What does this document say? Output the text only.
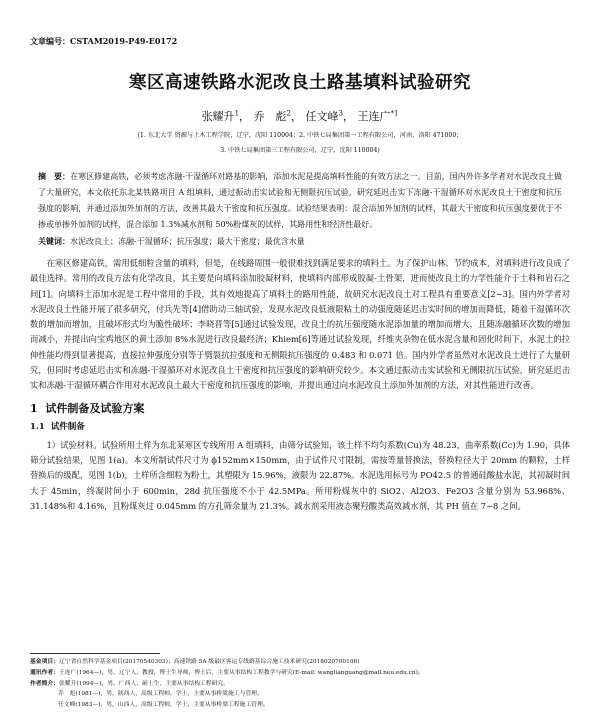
文章编号：CSTAM2019-P49-E0172
寒区高速铁路水泥改良土路基填料试验研究
张耀升$^1$， 乔　彪$^2$， 任文峰$^3$， 王连广$^{*1}$
(1. 东北大学 资源与土木工程学院，辽宁，沈阳 110004；2. 中铁七局集团第一工程有限公司，河南，洛阳 471000；
3. 中铁七局集团第三工程有限公司，辽宁，沈阳 110004)
摘　要：在寒区修建高铁，必须考虑冻融-干湿循环对路基的影响，添加水泥是提高填料性能的有效方法之一。目前，国内外许多学者对水泥改良土做了大量研究，本文依托东北某铁路项目 A 组填料，通过振动击实试验和无侧限抗压试验，研究延迟击实下冻融-干湿循环对水泥改良土干密度和抗压强度的影响，并通过添加外加剂的方法，改善其最大干密度和抗压强度。试验结果表明：混合添加外加剂的试样，其最大干密度和抗压强度要优于不掺或单掺外加剂的试样，混合添加 1.3%减水剂和 50%粉煤灰的试样，其路用性和经济性最好。
关键词：水泥改良土；冻融-干湿循环；抗压强度；最大干密度；最优含水量

在寒区修建高铁，需用低细粒含量的填料，但是，在线路周围一般很难找到满足要求的填料土。为了保护山林、节约成本，对填料进行改良成了最佳选择。常用的改良方法有化学改良，其主要是向填料添加胶凝材料，使填料内部形成胶凝-土骨架，进而使改良土的力学性能介于土料和岩石之间[1]。向填料土添加水泥是工程中常用的手段，其有效地提高了填料土的路用性能，故研究水泥改良土对工程具有重要意义[2~3]。国内外学者对水泥改良土性能开展了很多研究，付兵先等[4]借助动三轴试验，发现水泥改良低液限粘土的动强度随延迟击实时间的增加而降低，随着干湿循环次数的增加而增加，且破坏形式均为脆性破坏；李晓晋等[5]通过试验发现，改良土的抗压强度随水泥添加量的增加而增大，且随冻融循环次数的增加而减小，并提出向宝鸡地区的黄土添加 8%水泥进行改良最经济；Khiem[6]等通过试验发现，纤维夹杂物在低水泥含量和固化时间下，水泥土的拉伸性能均得到显著提高，直接拉伸强度分别等于劈裂抗拉强度和无侧限抗压强度的 0.483 和 0.071 倍。国内外学者虽然对水泥改良土进行了大量研究，但同时考虑延迟击实和冻融-干湿循环对水泥改良土干密度和抗压强度的影响研究较少。本文通过振动击实试验和无侧限抗压试验，研究延迟击实和冻融-干湿循环耦合作用对水泥改良土最大干密度和抗压强度的影响，并提出通过向水泥改良土添加外加剂的方法，对其性能进行改善。

1 试件制备及试验方案
1.1 试件制备

1）试验材料。试验所用土样为东北某寒区专线所用 A 组填料，由筛分试验知，该土样不均匀系数(Cu)为 48.23，曲率系数(Cc)为 1.90，具体筛分试验结果，见图 1(a)。本文所制试件尺寸为 ϕ152mm×150mm，由于试件尺寸限制，需按等量替换法，替换粒径大于 20mm 的颗粒，土样替换后的级配，见图 1(b)，土样所含细粒为粉土，其塑限为 15.96%，液限为 22.87%。水泥选用标号为 PO42.5 的普通硅酸盐水泥，其初凝时间大于 45min，终凝时间小于 600min，28d 抗压强度不小于 42.5MPa。所用粉煤灰中的 SiO2、Al2O3、Fe2O3 含量分别为 53.968%、31.148%和 4.16%，且粉煤灰过 0.045mm 的方孔筛余量为 21.3%。减水剂采用液态聚羟酸类高效减水剂，其 PH 值在 7~8 之间。

基金项目：辽宁省自然科学基金项目(20170540303)；高速铁路 5A 级最区客运专线路基综合施工技术研究(2018020700106)
通讯作者：王连广(1964—)，男，辽宁人，教授，博士生导师，博士后，主要从事结构工程教学与研究(E-mail: wanglianguang@mail.neu.edu.cn)。
作者简介：张耀升(1994—)，男，广西人，硕士生，主要从事结构工程研究。
乔　彪(1981—)，男，陕西人，高级工程师，学士，主要从事桥梁施工与管理。
任文峰(1983—)，男，山西人，高级工程师，学士，主要从事桥梁工程施工管理。
